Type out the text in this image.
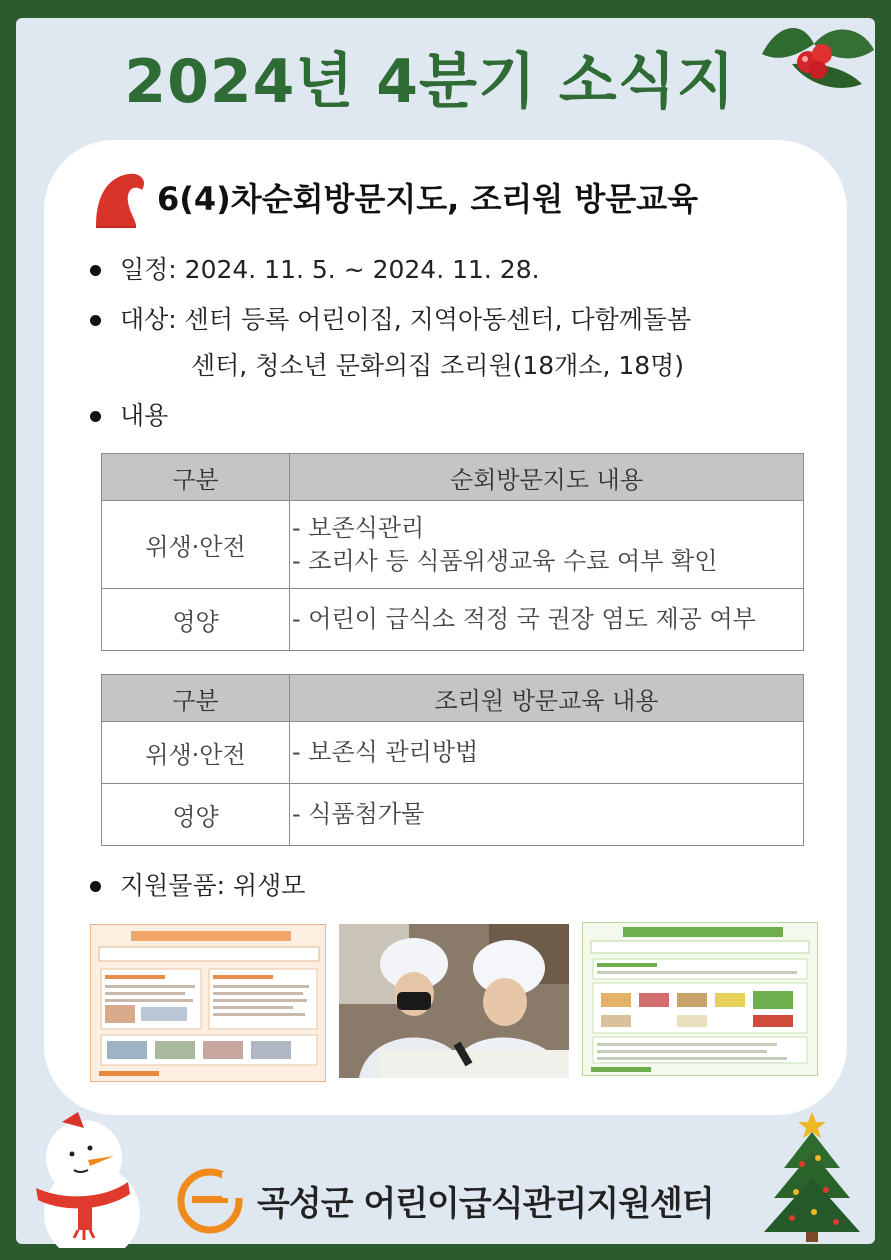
2024년 4분기 소식지
6(4)차순회방문지도, 조리원 방문교육
일정: 2024. 11. 5. ~ 2024. 11. 28.
대상: 센터 등록 어린이집, 지역아동센터, 다함께돌봄
센터, 청소년 문화의집 조리원(18개소, 18명)
내용
구분	순회방문지도 내용
위생·안전	- 보존식관리
- 조리사 등 식품위생교육 수료 여부 확인

영양	- 어린이 급식소 적정 국 권장 염도 제공 여부
구분	조리원 방문교육 내용
위생·안전	- 보존식 관리방법

영양	- 식품첨가물
지원물품: 위생모
곡성군 어린이급식관리지원센터
